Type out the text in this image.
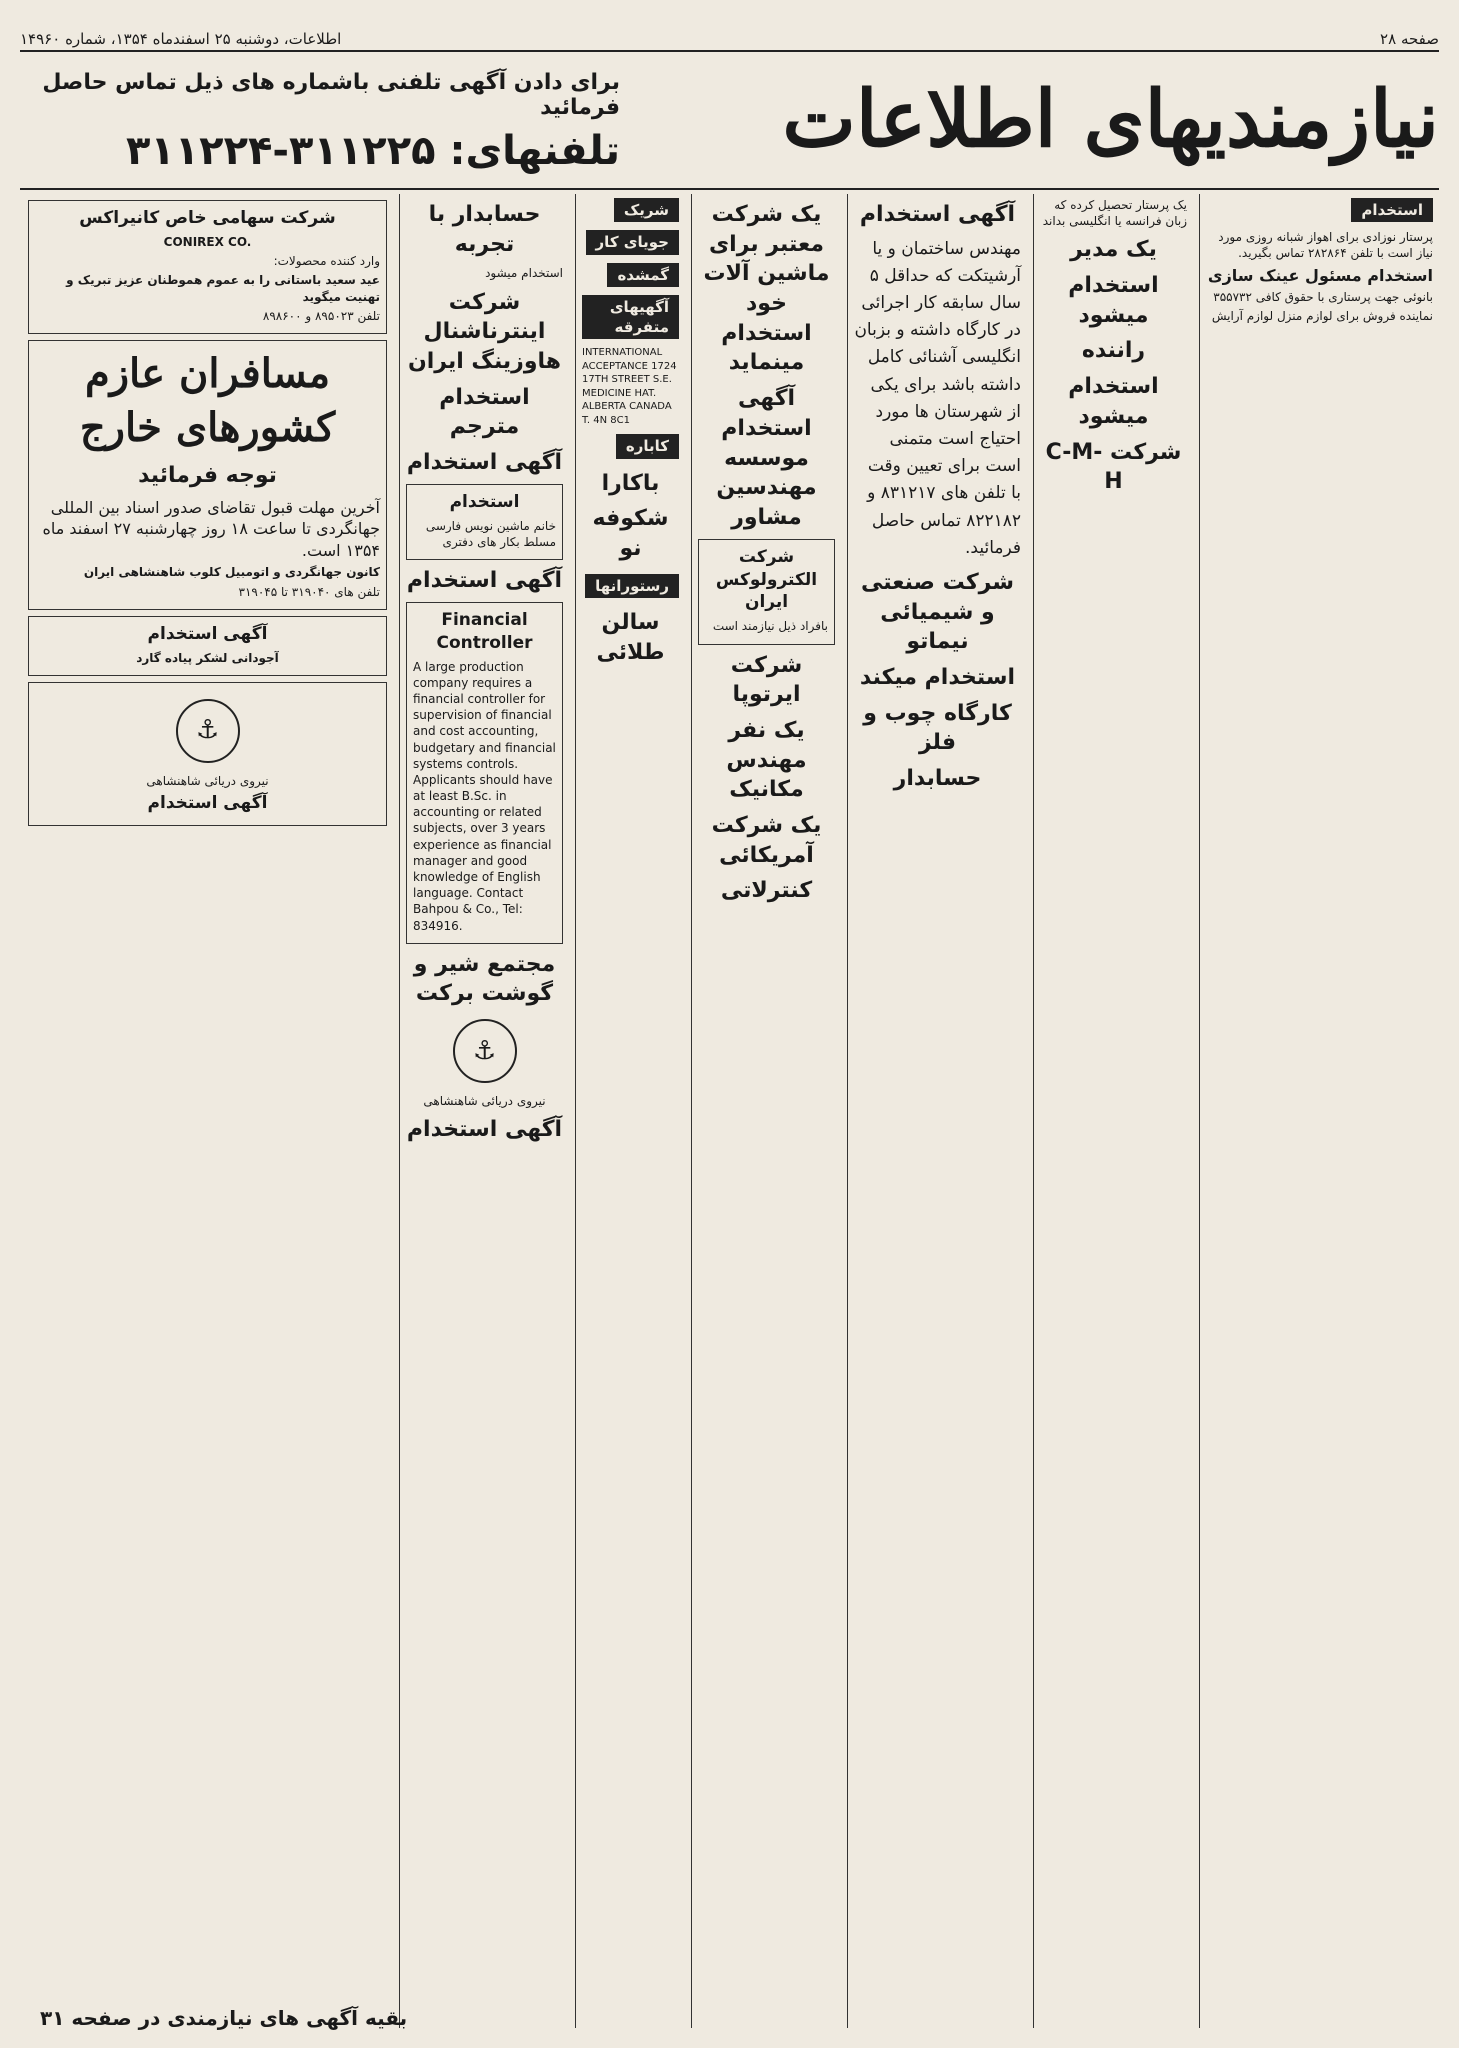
صفحه ۲۸
اطلاعات، دوشنبه ۲۵ اسفندماه ۱۳۵۴، شماره ۱۴۹۶۰
نیازمندیهای اطلاعات
برای دادن آگهی تلفنی باشماره های ذیل تماس حاصل فرمائید
تلفنهای: ۳۱۱۲۲۵-۳۱۱۲۲۴
استخدام

پرستار نوزادی برای اهواز شبانه روزی مورد نیاز است با تلفن ۲۸۲۸۶۴ تماس بگیرید.

استخدام مسئول عینک سازی

بانوئی جهت پرستاری با حقوق کافی ۳۵۵۷۳۲

نماینده فروش برای لوازم منزل لوازم آرایش

یک پرستار تحصیل کرده که زبان فرانسه یا انگلیسی بداند

یک مدیر
استخدام میشود
راننده
استخدام میشود
شرکت C-M-H
آگهی استخدام

مهندس ساختمان و یا آرشیتکت که حداقل ۵ سال سابقه کار اجرائی در کارگاه داشته و بزبان انگلیسی آشنائی کامل داشته باشد برای یکی از شهرستان ها مورد احتیاج است متمنی است برای تعیین وقت با تلفن های ۸۳۱۲۱۷ و ۸۲۲۱۸۲ تماس حاصل فرمائید.

شرکت صنعتی و شیمیائی نیماتو
استخدام میکند
کارگاه چوب و فلز
حسابدار
یک شرکت معتبر برای ماشین آلات خود استخدام مینماید
آگهی استخدام موسسه مهندسین مشاور
شرکت الکترولوکس ایران

بافراد ذیل نیازمند است

شرکت ایرتوپا
یک نفر مهندس مکانیک
یک شرکت آمریکائی
کنترلاتی
شریک جویای کار گمشده آگهیهای متفرقه

INTERNATIONAL ACCEPTANCE 1724 17TH STREET S.E. MEDICINE HAT. ALBERTA CANADA T. 4N 8C1

کاباره
باکارا
شکوفه نو
رستورانها
سالن طلائی
حسابدار با تجربه

استخدام میشود

شرکت اینترناشنال هاوزینگ ایران
استخدام مترجم
آگهی استخدام
استخدام

خانم ماشین نویس فارسی مسلط بکار های دفتری

آگهی استخدام
Financial Controller

A large production company requires a financial controller for supervision of financial and cost accounting, budgetary and financial systems controls. Applicants should have at least B.Sc. in accounting or related subjects, over 3 years experience as financial manager and good knowledge of English language. Contact Bahpou & Co., Tel: 834916.

مجتمع شیر و گوشت برکت
⚓

نیروی دریائی شاهنشاهی

آگهی استخدام
شرکت سهامی خاص کانیراکس

CONIREX CO.

وارد کننده محصولات:

عید سعید باستانی را به عموم هموطنان عزیز تبریک و تهنیت میگوید

تلفن ۸۹۵۰۲۳ و ۸۹۸۶۰۰

مسافران عازم کشورهای خارج
توجه فرمائید

آخرین مهلت قبول تقاضای صدور اسناد بین المللی جهانگردی تا ساعت ۱۸ روز چهارشنبه ۲۷ اسفند ماه ۱۳۵۴ است.

کانون جهانگردی و اتومبیل کلوب شاهنشاهی ایران

تلفن های ۳۱۹۰۴۰ تا ۳۱۹۰۴۵

آگهی استخدام

آجودانی لشکر پیاده گارد

⚓

نیروی دریائی شاهنشاهی

آگهی استخدام
بقیه آگهی های نیازمندی در صفحه ۳۱
